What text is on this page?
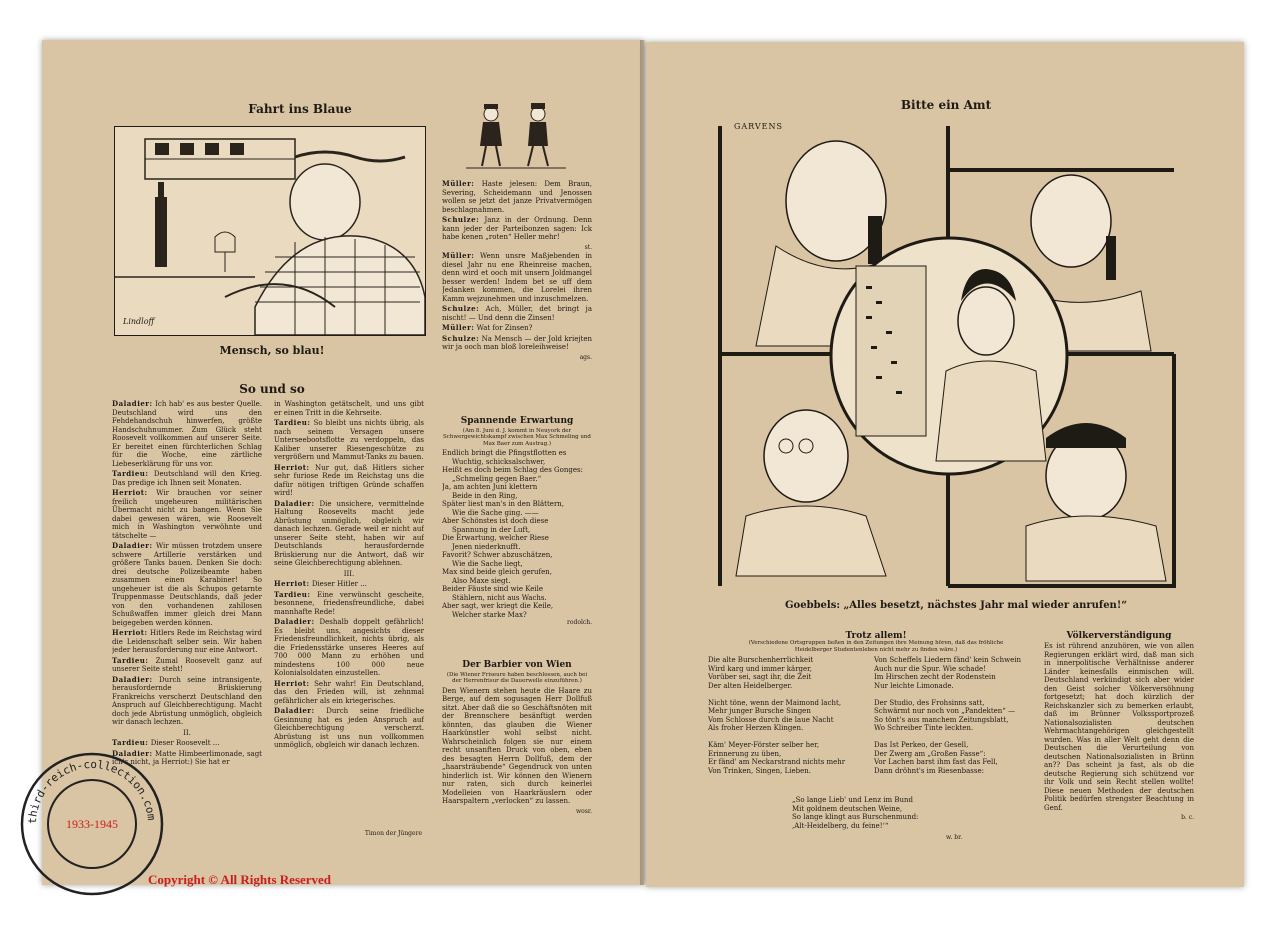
Fahrt ins Blaue
Lindloff
Mensch, so blau!

Müller: Haste jelesen: Dem Braun, Severing, Scheidemann und Jenossen wollen se jetzt det janze Privatvermögen beschlagnahmen.

Schulze: Janz in der Ordnung. Denn kann jeder der Parteibonzen sagen: Ick habe kenen „roten“ Heller mehr!

st.

Müller: Wenn unsre Maßjebenden in diesel Jahr nu ene Rheinreise machen, denn wird et ooch mit unsern Joldmangel besser werden! Indem bet se uff dem Jedanken kommen, die Lorelei ihren Kamm wejzunehmen und inzuschmelzen.

Schulze: Ach, Müller, det bringt ja nischt! — Und denn die Zinsen!

Müller: Wat for Zinsen?

Schulze: Na Mensch — der Jold kriejten wir ja ooch man bloß loreleihweise!

ags.
Spannende Erwartung
(Am 8. Juni d. J. kommt in Neuyork der Schwergewichtskampf zwischen Max Schmeling und Max Baer zum Austrag.)
Endlich bringt die Pfingstflotten es
Wuchtig, schicksalschwer,
Heißt es doch beim Schlag des Gonges:
„Schmeling gegen Baer.“
Ja, am achten Juni klettern
Beide in den Ring,
Später liest man's in den Blättern,
Wie die Sache ging. ——
Aber Schönstes ist doch diese
Spannung in der Luft,
Die Erwartung, welcher Riese
Jenen niederknufft.
Favorit? Schwer abzuschätzen,
Wie die Sache liegt,
Max sind beide gleich gerufen,
Also Maxe siegt.
Beider Fäuste sind wie Keile
Stählern, nicht aus Wachs.
Aber sagt, wer kriegt die Keile,
Welcher starke Max?
rodolch.
Der Barbier von Wien
(Die Wiener Friseure haben beschlossen, auch bei der Herrenfrisur die Dauerwelle einzuführen.)

Den Wienern stehen heute die Haare zu Berge, auf dem sogusagen Herr Dollfuß sitzt. Aber daß die so Geschäftsnöten mit der Brennschere besänftigt werden könnten, das glauben die Wiener Haarkünstler wohl selbst nicht. Wahrscheinlich folgen sie nur einem recht unsanften Druck von oben, eben des besagten Herrn Dollfuß, dem der „haarsträubende“ Gegendruck von unten hinderlich ist. Wir können den Wienern nur raten, sich durch keinerlei Modelleien von Haarkräuslern oder Haarspaltern „verlocken“ zu lassen.

wosr.
So und so

Daladier: Ich hab' es aus bester Quelle. Deutschland wird uns den Fehdehandschuh hinwerfen, größte Handschuhnummer. Zum Glück steht Roosevelt vollkommen auf unserer Seite. Er bereitet einen fürchterlichen Schlag für die Woche, eine zärtliche Liebeserklärung für uns vor.

Tardieu: Deutschland will den Krieg. Das predige ich Ihnen seit Monaten.

Herriot: Wir brauchen vor seiner freilich ungeheuren militärischen Übermacht nicht zu bangen. Wenn Sie dabei gewesen wären, wie Roosevelt mich in Washington verwöhnte und tätschelte —

Daladier: Wir müssen trotzdem unsere schwere Artillerie verstärken und größere Tanks bauen. Denken Sie doch: drei deutsche Polizeibeamte haben zusammen einen Karabiner! So ungeheuer ist die als Schupos getarnte Truppenmasse Deutschlands, daß jeder von den vorhandenen zahllosen Schußwaffen immer gleich drei Mann beigegeben werden können.

Herriot: Hitlers Rede im Reichstag wird die Leidenschaft selber sein. Wir haben jeder herausforderung nur eine Antwort.

Tardieu: Zumal Roosevelt ganz auf unserer Seite steht!

Daladier: Durch seine intransigente, herausfordernde Brüskierung Frankreichs verscherzt Deutschland den Anspruch auf Gleichberechtigung. Macht doch jede Abrüstung unmöglich, obgleich wir danach lechzen.

II.

Tardieu: Dieser Roosevelt ...

Daladier: Matte Himbeerlimonade, sagt ich's nicht, ja Herriot:) Sie hat er

in Washington getätschelt, und uns gibt er einen Tritt in die Kehrseite.

Tardieu: So bleibt uns nichts übrig, als nach seinem Versagen unsere Unterseebootsflotte zu verdoppeln, das Kaliber unserer Riesengeschütze zu vergrößern und Mammut-Tanks zu bauen.

Herriot: Nur gut, daß Hitlers sicher sehr furiose Rede im Reichstag uns die dafür nötigen triftigen Gründe schaffen wird!

Daladier: Die unsichere, vermittelnde Haltung Roosevelts macht jede Abrüstung unmöglich, obgleich wir danach lechzen. Gerade weil er nicht auf unserer Seite steht, haben wir auf Deutschlands herausfordernde Brüskierung nur die Antwort, daß wir seine Gleichberechtigung ablehnen.

III.

Herriot: Dieser Hitler ...

Tardieu: Eine verwünscht gescheite, besonnene, friedensfreundliche, dabei mannhafte Rede!

Daladier: Deshalb doppelt gefährlich! Es bleibt uns, angesichts dieser Friedensfreundlichkeit, nichts übrig, als die Friedensstärke unseres Heeres auf 700 000 Mann zu erhöhen und mindestens 100 000 neue Kolonialsoldaten einzustellen.

Herriot: Sehr wahr! Ein Deutschland, das den Frieden will, ist zehnmal gefährlicher als ein kriegerisches.

Daladier: Durch seine friedliche Gesinnung hat es jeden Anspruch auf Gleichberechtigung verscherzt. Abrüstung ist uns nun vollkommen unmöglich, obgleich wir danach lechzen.

Timon der Jüngere
Bitte ein Amt
GARVENS
Goebbels: „Alles besetzt, nächstes Jahr mal wieder anrufen!“
Trotz allem!
(Verschiedene Ortsgruppen ließen in den Zeitungen ihre Meinung hören, daß das fröhliche Heidelberger Studentenleben nicht mehr zu finden wäre.)
Die alte Burschenherrlichkeit
Wird karg und immer kärger,
Vorüber sei, sagt ihr, die Zeit
Der alten Heidelberger.

Nicht töne, wenn der Maimond lacht,
Mehr junger Bursche Singen
Vom Schlosse durch die laue Nacht
Als froher Herzen Klingen.

Käm' Meyer-Förster selber her,
Erinnerung zu üben,
Er fänd' am Neckarstrand nichts mehr
Von Trinken, Singen, Lieben.
Von Scheffels Liedern fänd' kein Schwein
Auch nur die Spur. Wie schade!
Im Hirschen zecht der Rodenstein
Nur leichte Limonade.

Der Studio, des Frohsinns satt,
Schwärmt nur noch von „Pandekten“ —
So tönt's aus manchem Zeitungsblatt,
Wo Schreiber Tinte leckten.

Das Ist Perkeo, der Gesell,
Der Zwerg am „Großen Fasse“:
Vor Lachen barst ihm fast das Fell,
Dann dröhnt's im Riesenbasse:
„So lange Lieb' und Lenz im Bund
Mit goldnem deutschen Weine,
So lange klingt aus Burschenmund:
‚Alt-Heidelberg, du feine!‘“
w. br.
Völkerverständigung

Es ist rührend anzuhören, wie von allen Regierungen erklärt wird, daß man sich in innerpolitische Verhältnisse anderer Länder keinesfalls einmischen will. Deutschland verkündigt sich aber wider den Geist solcher Völkerversöhnung fortgesetzt; hat doch kürzlich der Reichskanzler sich zu bemerken erlaubt, daß im Brünner Volkssportprozeß Nationalsozialisten deutschen Wehrmachtangehörigen gleichgestellt wurden. Was in aller Welt geht denn die Deutschen die Verurteilung von deutschen Nationalsozialisten in Brünn an?? Das scheint ja fast, als ob die deutsche Regierung sich schützend vor ihr Volk und sein Recht stellen wollte! Diese neuen Methoden der deutschen Politik bedürfen strengster Beachtung in Genf.

b. c.
third-reich-collection.com
1933-1945
Copyright © All Rights Reserved
